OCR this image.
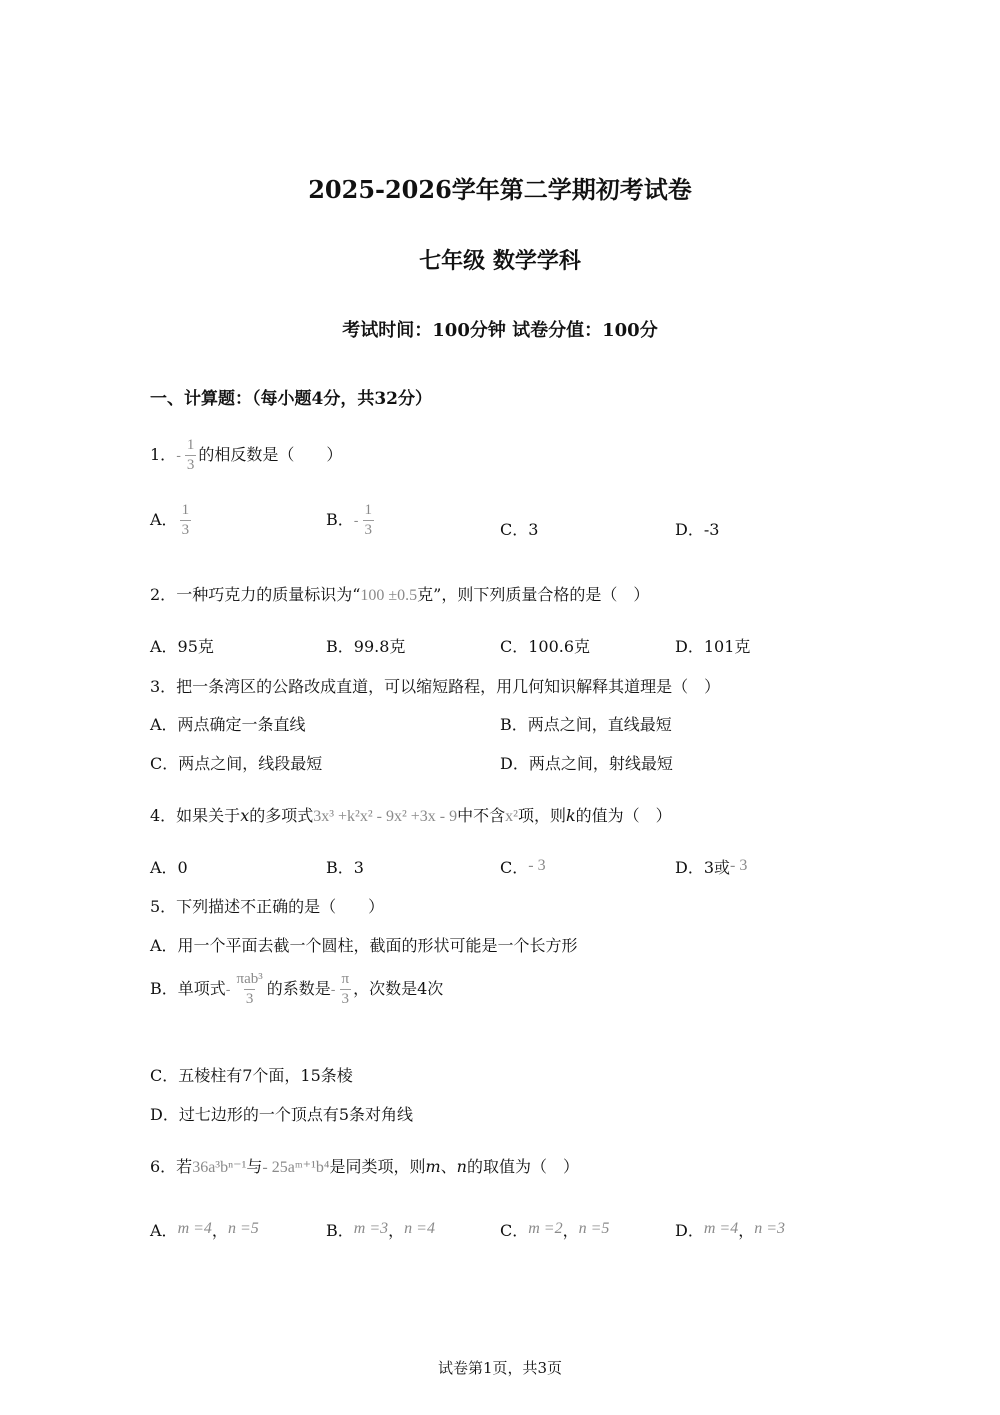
2025-2026学年第二学期初考试卷
七年级 数学学科
考试时间：100分钟 试卷分值：100分
一、计算题：（每小题4分，共32分）
1．- $\frac{1}{3}$ 的相反数是（　　）
A． $\frac{1}{3}$	B．- $\frac{1}{3}$	C．3	D．-3
2．一种巧克力的质量标识为“100 ±0.5克”，则下列质量合格的是（　）
A．95克	B．99.8克	C．100.6克	D．101克
3．把一条湾区的公路改成直道，可以缩短路程，用几何知识解释其道理是（　）
A．两点确定一条直线	B．两点之间，直线最短
C．两点之间，线段最短	D．两点之间，射线最短
4．如果关于x的多项式3x³ +k²x² - 9x² +3x - 9中不含x²项，则k的值为（　）
A．0	B．3	C．- 3	D．3或- 3
5．下列描述不正确的是（　　）
A．用一个平面去截一个圆柱，截面的形状可能是一个长方形
B．单项式- $\frac{\text{πab³}}{3}$ 的系数是- $\frac{\pi}{3}$ ，次数是4次
C．五棱柱有7个面，15条棱
D．过七边形的一个顶点有5条对角线
6．若36a³bⁿ⁻¹与- 25aᵐ⁺¹b⁴是同类项，则m、n的取值为（　）
A．m =4，n =5	B．m =3，n =4	C．m =2，n =5	D．m =4，n =3
试卷第1页，共3页
